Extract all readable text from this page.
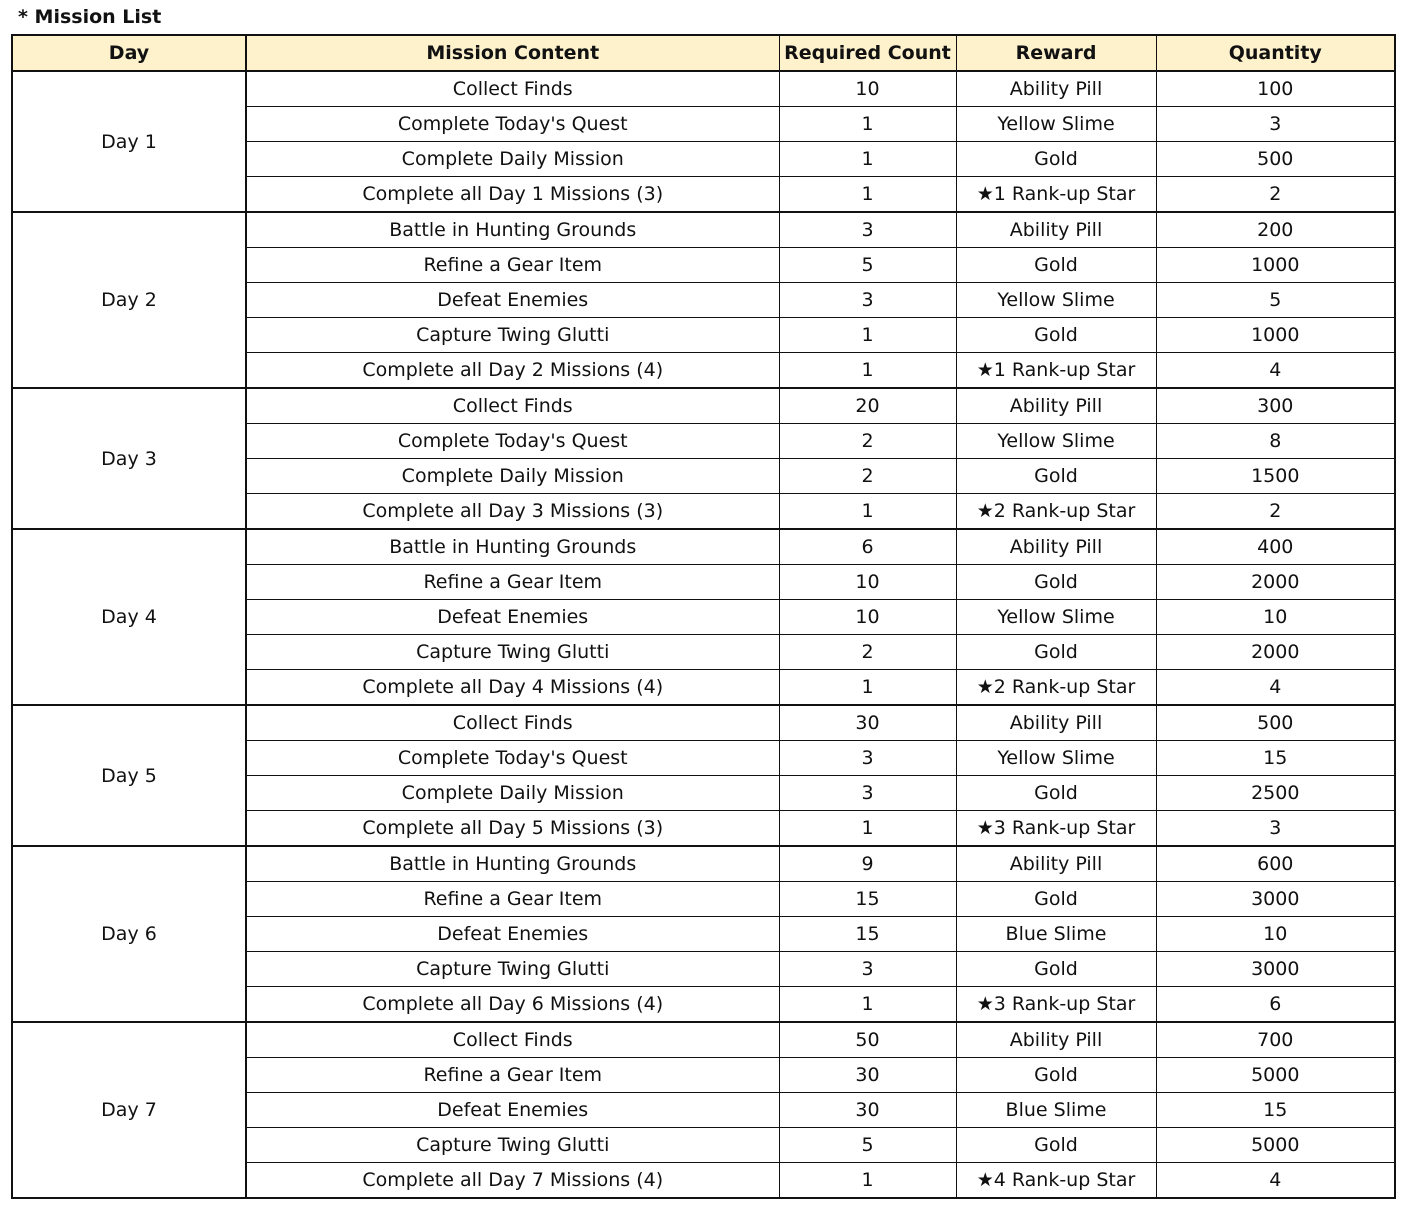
* Mission List
Day	Mission Content	Required Count	Reward	Quantity
Day 1	Collect Finds	10	Ability Pill	100
	Complete Today's Quest	1	Yellow Slime	3
	Complete Daily Mission	1	Gold	500
	Complete all Day 1 Missions (3)	1	★1 Rank-up Star	2
Day 2	Battle in Hunting Grounds	3	Ability Pill	200
	Refine a Gear Item	5	Gold	1000
	Defeat Enemies	3	Yellow Slime	5
	Capture Twing Glutti	1	Gold	1000
	Complete all Day 2 Missions (4)	1	★1 Rank-up Star	4
Day 3	Collect Finds	20	Ability Pill	300
	Complete Today's Quest	2	Yellow Slime	8
	Complete Daily Mission	2	Gold	1500
	Complete all Day 3 Missions (3)	1	★2 Rank-up Star	2
Day 4	Battle in Hunting Grounds	6	Ability Pill	400
	Refine a Gear Item	10	Gold	2000
	Defeat Enemies	10	Yellow Slime	10
	Capture Twing Glutti	2	Gold	2000
	Complete all Day 4 Missions (4)	1	★2 Rank-up Star	4
Day 5	Collect Finds	30	Ability Pill	500
	Complete Today's Quest	3	Yellow Slime	15
	Complete Daily Mission	3	Gold	2500
	Complete all Day 5 Missions (3)	1	★3 Rank-up Star	3
Day 6	Battle in Hunting Grounds	9	Ability Pill	600
	Refine a Gear Item	15	Gold	3000
	Defeat Enemies	15	Blue Slime	10
	Capture Twing Glutti	3	Gold	3000
	Complete all Day 6 Missions (4)	1	★3 Rank-up Star	6
Day 7	Collect Finds	50	Ability Pill	700
	Refine a Gear Item	30	Gold	5000
	Defeat Enemies	30	Blue Slime	15
	Capture Twing Glutti	5	Gold	5000
	Complete all Day 7 Missions (4)	1	★4 Rank-up Star	4
